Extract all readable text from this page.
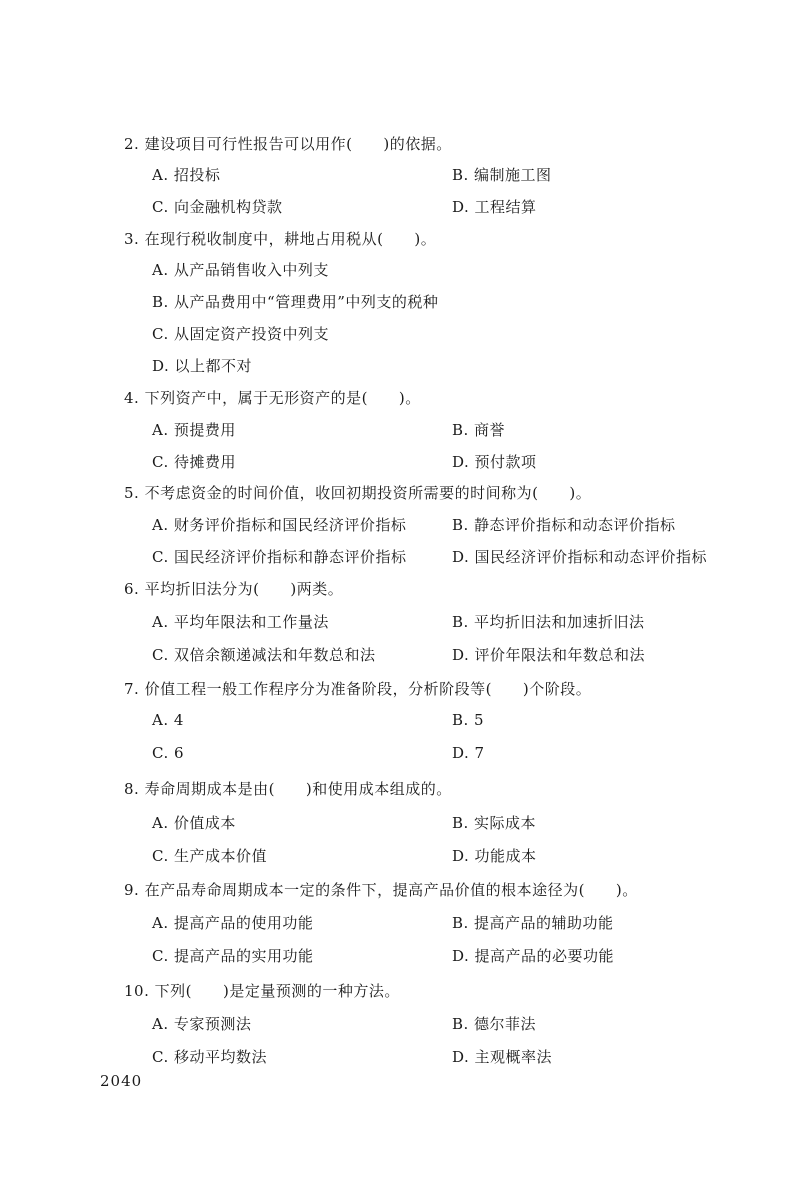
2. 建设项目可行性报告可以用作(　　)的依据。
A. 招投标	B. 编制施工图
C. 向金融机构贷款	D. 工程结算
3. 在现行税收制度中，耕地占用税从(　　)。
A. 从产品销售收入中列支
B. 从产品费用中“管理费用”中列支的税种
C. 从固定资产投资中列支
D. 以上都不对
4. 下列资产中，属于无形资产的是(　　)。
A. 预提费用	B. 商誉
C. 待摊费用	D. 预付款项
5. 不考虑资金的时间价值，收回初期投资所需要的时间称为(　　)。
A. 财务评价指标和国民经济评价指标	B. 静态评价指标和动态评价指标
C. 国民经济评价指标和静态评价指标	D. 国民经济评价指标和动态评价指标
6. 平均折旧法分为(　　)两类。
A. 平均年限法和工作量法	B. 平均折旧法和加速折旧法
C. 双倍余额递减法和年数总和法	D. 评价年限法和年数总和法
7. 价值工程一般工作程序分为准备阶段，分析阶段等(　　)个阶段。
A. 4	B. 5
C. 6	D. 7
8. 寿命周期成本是由(　　)和使用成本组成的。
A. 价值成本	B. 实际成本
C. 生产成本价值	D. 功能成本
9. 在产品寿命周期成本一定的条件下，提高产品价值的根本途径为(　　)。
A. 提高产品的使用功能	B. 提高产品的辅助功能
C. 提高产品的实用功能	D. 提高产品的必要功能
10. 下列(　　)是定量预测的一种方法。
A. 专家预测法	B. 德尔菲法
C. 移动平均数法	D. 主观概率法
2040
